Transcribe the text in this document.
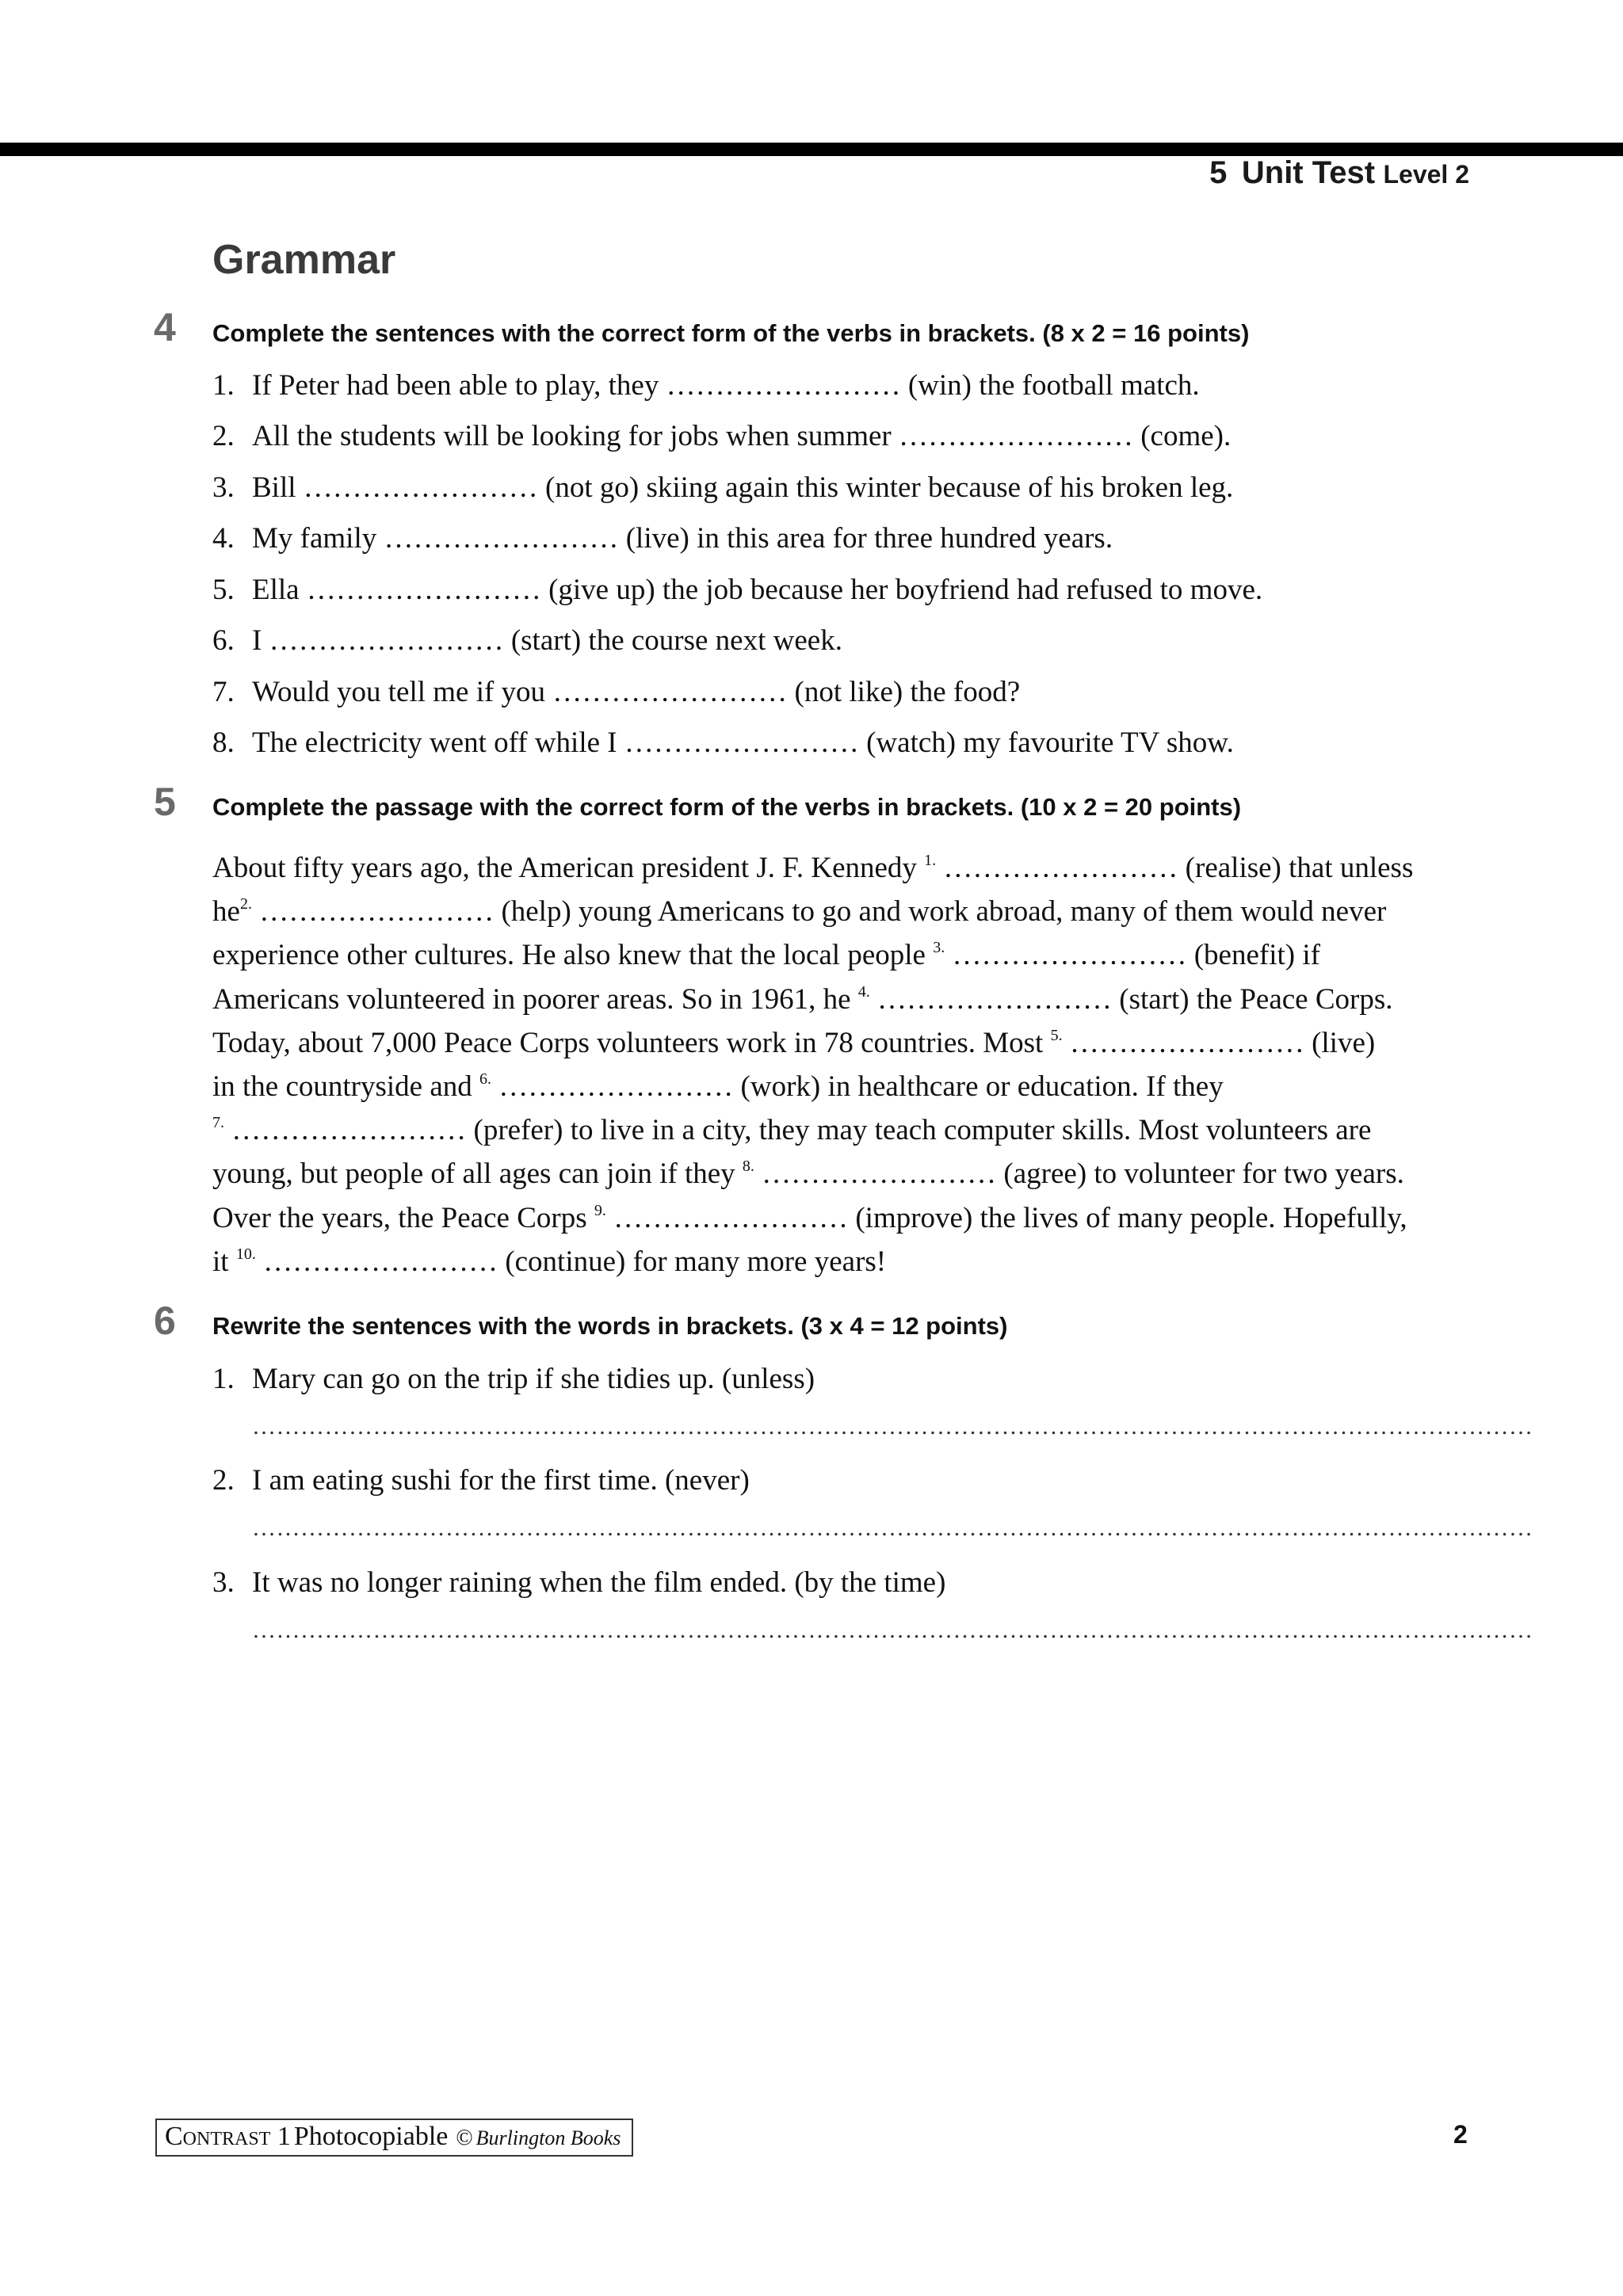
5 Unit Test Level 2
Grammar
4 Complete the sentences with the correct form of the verbs in brackets. (8 x 2 = 16 points)
1. If Peter had been able to play, they …………………… (win) the football match.
2. All the students will be looking for jobs when summer …………………… (come).
3. Bill …………………… (not go) skiing again this winter because of his broken leg.
4. My family …………………… (live) in this area for three hundred years.
5. Ella …………………… (give up) the job because her boyfriend had refused to move.
6. I …………………… (start) the course next week.
7. Would you tell me if you …………………… (not like) the food?
8. The electricity went off while I …………………… (watch) my favourite TV show.
5 Complete the passage with the correct form of the verbs in brackets. (10 x 2 = 20 points)
About fifty years ago, the American president J. F. Kennedy $^{1.}$ …………………… (realise) that unless
$he^{2.}$ …………………… (help) young Americans to go and work abroad, many of them would never
experience other cultures. He also knew that the local people $^{3.}$ …………………… (benefit) if
Americans volunteered in poorer areas. So in 1961, he $^{4.}$ …………………… (start) the Peace Corps.
Today, about 7,000 Peace Corps volunteers work in 78 countries. Most $^{5.}$ …………………… (live)
in the countryside and $^{6.}$ …………………… (work) in healthcare or education. If they
$^{7.}$ …………………… (prefer) to live in a city, they may teach computer skills. Most volunteers are
young, but people of all ages can join if they $^{8.}$ …………………… (agree) to volunteer for two years.
Over the years, the Peace Corps $^{9.}$ …………………… (improve) the lives of many people. Hopefully,
it $^{10.}$ …………………… (continue) for many more years!
6 Rewrite the sentences with the words in brackets. (3 x 4 = 12 points)
1. Mary can go on the trip if she tidies up. (unless)
……………………………………………………………………………………………………………………………………………
2. I am eating sushi for the first time. (never)
……………………………………………………………………………………………………………………………………………
3. It was no longer raining when the film ended. (by the time)
……………………………………………………………………………………………………………………………………………
Contrast 1 Photocopiable © Burlington Books	2
